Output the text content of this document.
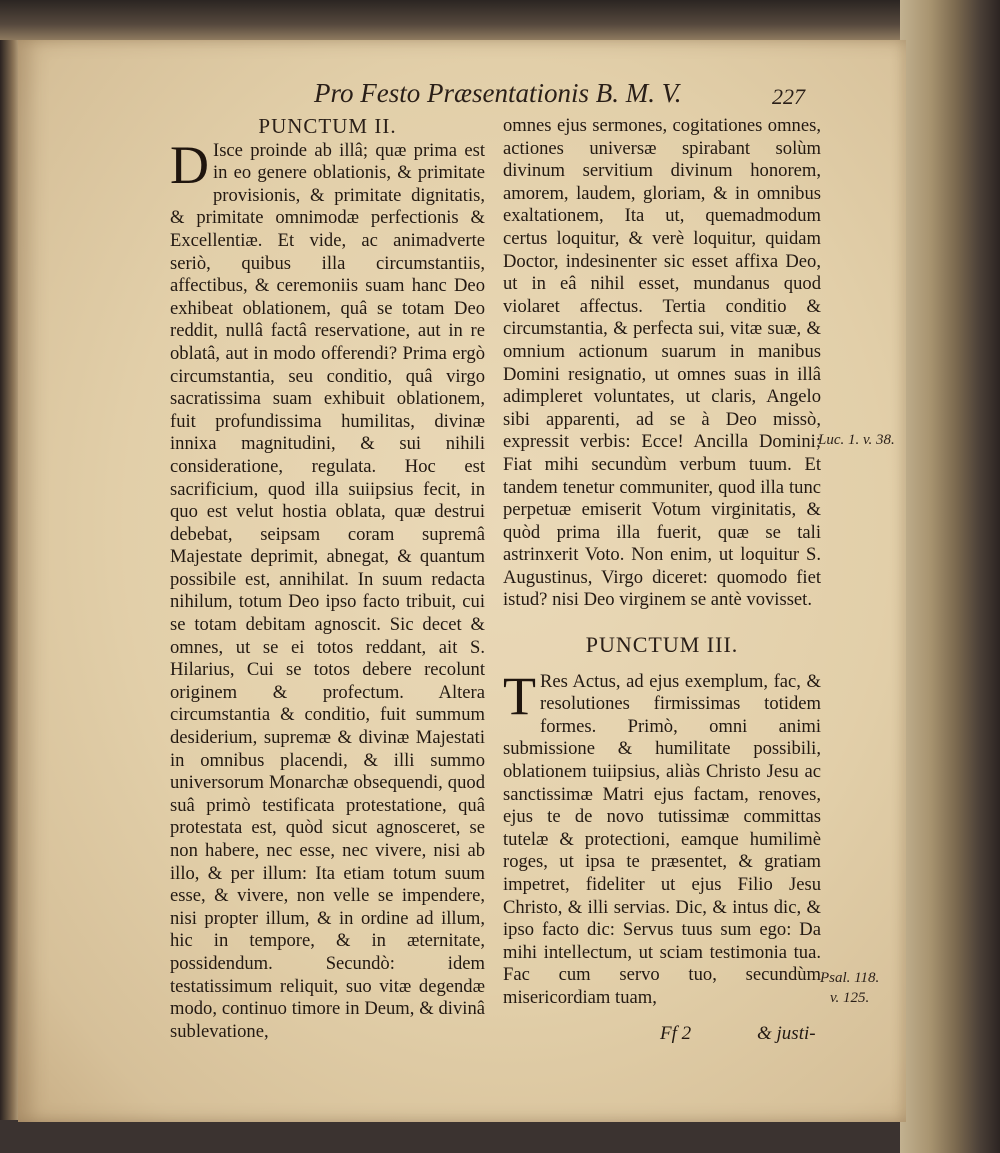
Pro Festo Præsentationis B. M. V.	227
PUNCTUM II.
D Isce proinde ab illâ; quæ prima est in eo genere oblationis, & primitate provisionis, & primitate dignitatis, & primitate omnimodæ perfectionis & Excellentiæ. Et vide, ac animadverte seriò, quibus illa circumstantiis, affectibus, & ceremoniis suam hanc Deo exhibeat oblationem, quâ se totam Deo reddit, nullâ factâ reservatione, aut in re oblatâ, aut in modo offerendi? Prima ergò circumstantia, seu conditio, quâ virgo sacratissima suam exhibuit oblationem, fuit profundissima humilitas, divinæ innixa magnitudini, & sui nihili consideratione, regulata. Hoc est sacrificium, quod illa suiipsius fecit, in quo est velut hostia oblata, quæ destrui debebat, seipsam coram supremâ Majestate deprimit, abnegat, & quantum possibile est, annihilat. In suum redacta nihilum, totum Deo ipso facto tribuit, cui se totam debitam agnoscit. Sic decet & omnes, ut se ei totos reddant, ait S. Hilarius, Cui se totos debere recolunt originem & profectum. Altera circumstantia & conditio, fuit summum desiderium, supremæ & divinæ Majestati in omnibus placendi, & illi summo universorum Monarchæ obsequendi, quod suâ primò testificata protestatione, quâ protestata est, quòd sicut agnosceret, se non habere, nec esse, nec vivere, nisi ab illo, & per illum: Ita etiam totum suum esse, & vivere, non velle se impendere, nisi propter illum, & in ordine ad illum, hic in tempore, & in æternitate, possidendum. Secundò: idem testatissimum reliquit, suo vitæ degendæ modo, continuo timore in Deum, & divinâ sublevatione,
omnes ejus sermones, cogitationes omnes, actiones universæ spirabant solùm divinum servitium divinum honorem, amorem, laudem, gloriam, & in omnibus exaltationem, Ita ut, quemadmodum certus loquitur, & verè loquitur, quidam Doctor, indesinenter sic esset affixa Deo, ut in eâ nihil esset, mundanus quod violaret affectus. Tertia conditio & circumstantia, & perfecta sui, vitæ suæ, & omnium actionum suarum in manibus Domini resignatio, ut omnes suas in illâ adimpleret voluntates, ut claris, Angelo sibi apparenti, ad se à Deo missò, expressit verbis: Ecce! Ancilla Domini; Fiat mihi secundùm verbum tuum. Et tandem tenetur communiter, quod illa tunc perpetuæ emiserit Votum virginitatis, & quòd prima illa fuerit, quæ se tali astrinxerit Voto. Non enim, ut loquitur S. Augustinus, Virgo diceret: quomodo fiet istud? nisi Deo virginem se antè vovisset.
PUNCTUM III.
T Res Actus, ad ejus exemplum, fac, & resolutiones firmissimas totidem formes. Primò, omni animi submissione & humilitate possibili, oblationem tuiipsius, aliàs Christo Jesu ac sanctissimæ Matri ejus factam, renoves, ejus te de novo tutissimæ committas tutelæ & protectioni, eamque humilimè roges, ut ipsa te præsentet, & gratiam impetret, fideliter ut ejus Filio Jesu Christo, & illi servias. Dic, & intus dic, & ipso facto dic: Servus tuus sum ego: Da mihi intellectum, ut sciam testimonia tua. Fac cum servo tuo, secundùm misericordiam tuam,
Luc. 1. v. 38.
Psal. 118.
v. 125.
Ff 2	& justi-
